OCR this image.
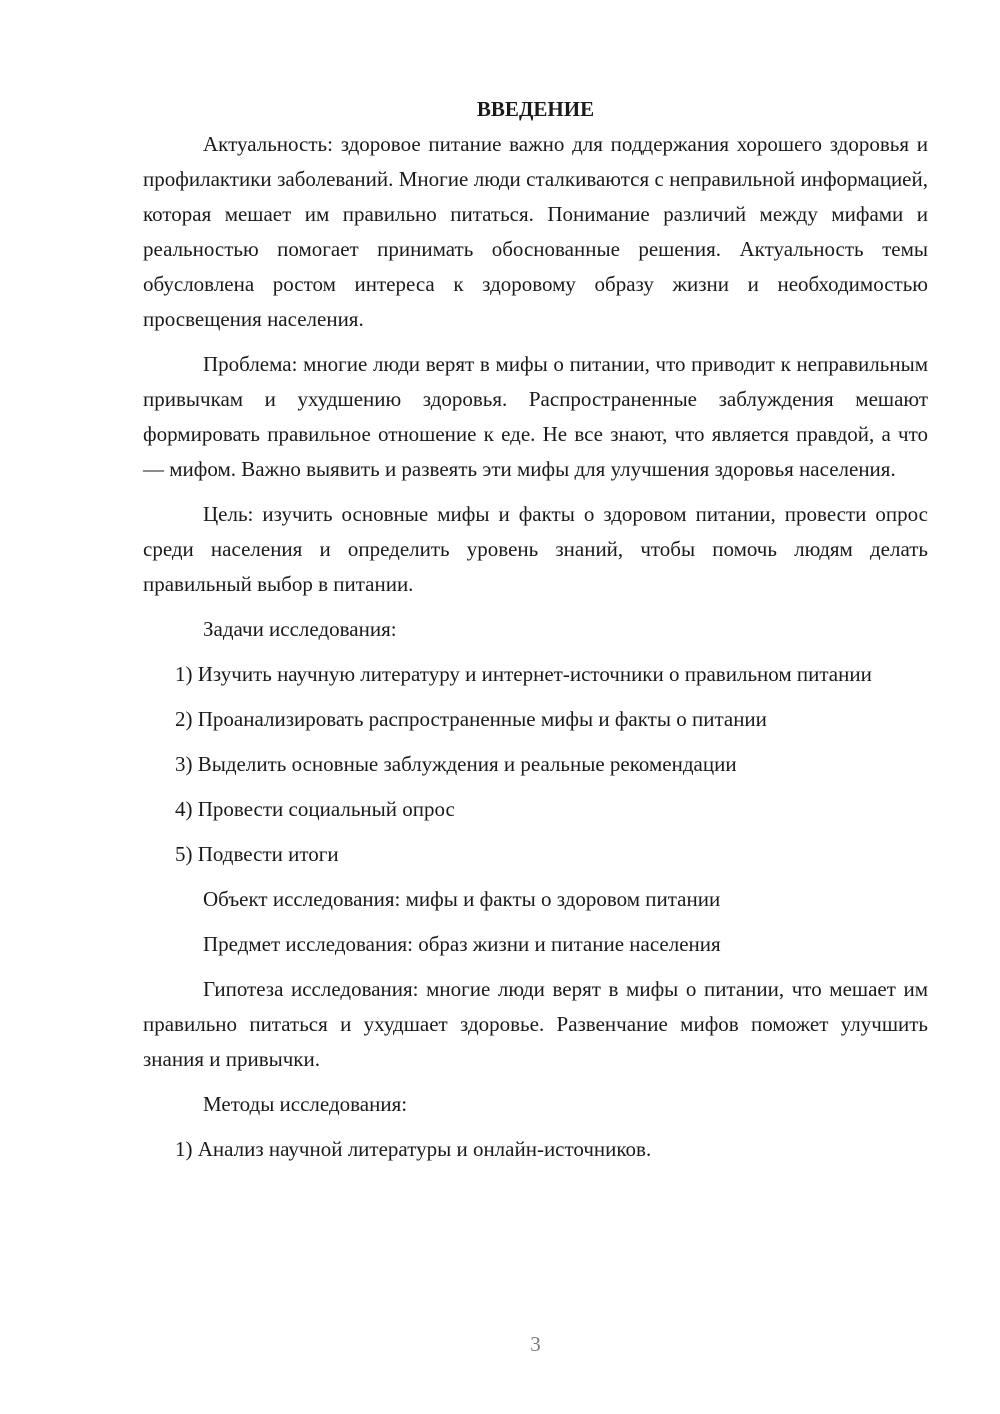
ВВЕДЕНИЕ

Актуальность: здоровое питание важно для поддержания хорошего здоровья и профилактики заболеваний. Многие люди сталкиваются с неправильной информацией, которая мешает им правильно питаться. Понимание различий между мифами и реальностью помогает принимать обоснованные решения. Актуальность темы обусловлена ростом интереса к здоровому образу жизни и необходимостью просвещения населения.

Проблема: многие люди верят в мифы о питании, что приводит к неправильным привычкам и ухудшению здоровья. Распространенные заблуждения мешают формировать правильное отношение к еде. Не все знают, что является правдой, а что — мифом. Важно выявить и развеять эти мифы для улучшения здоровья населения.

Цель: изучить основные мифы и факты о здоровом питании, провести опрос среди населения и определить уровень знаний, чтобы помочь людям делать правильный выбор в питании.

Задачи исследования:

1) Изучить научную литературу и интернет-источники о правильном питании

2) Проанализировать распространенные мифы и факты о питании

3) Выделить основные заблуждения и реальные рекомендации

4) Провести социальный опрос

5) Подвести итоги

Объект исследования: мифы и факты о здоровом питании

Предмет исследования: образ жизни и питание населения

Гипотеза исследования: многие люди верят в мифы о питании, что мешает им правильно питаться и ухудшает здоровье. Развенчание мифов поможет улучшить знания и привычки.

Методы исследования:

1) Анализ научной литературы и онлайн-источников.

3
